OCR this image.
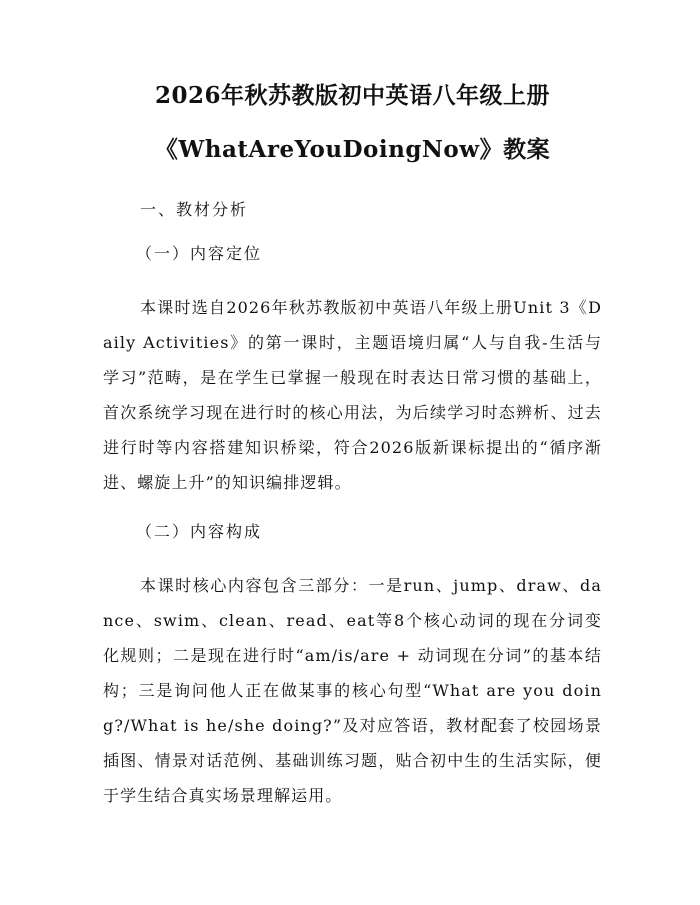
2026年秋苏教版初中英语八年级上册
《WhatAreYouDoingNow》教案
一、教材分析
（一）内容定位

本课时选自2026年秋苏教版初中英语八年级上册Unit 3《Daily Activities》的第一课时，主题语境归属“人与自我-生活与学习”范畴，是在学生已掌握一般现在时表达日常习惯的基础上，首次系统学习现在进行时的核心用法，为后续学习时态辨析、过去进行时等内容搭建知识桥梁，符合2026版新课标提出的“循序渐进、螺旋上升”的知识编排逻辑。

（二）内容构成

本课时核心内容包含三部分：一是run、jump、draw、dance、swim、clean、read、eat等8个核心动词的现在分词变化规则；二是现在进行时“am/is/are + 动词现在分词”的基本结构；三是询问他人正在做某事的核心句型“What are you doing?/What is he/she doing?”及对应答语，教材配套了校园场景插图、情景对话范例、基础训练习题，贴合初中生的生活实际，便于学生结合真实场景理解运用。
